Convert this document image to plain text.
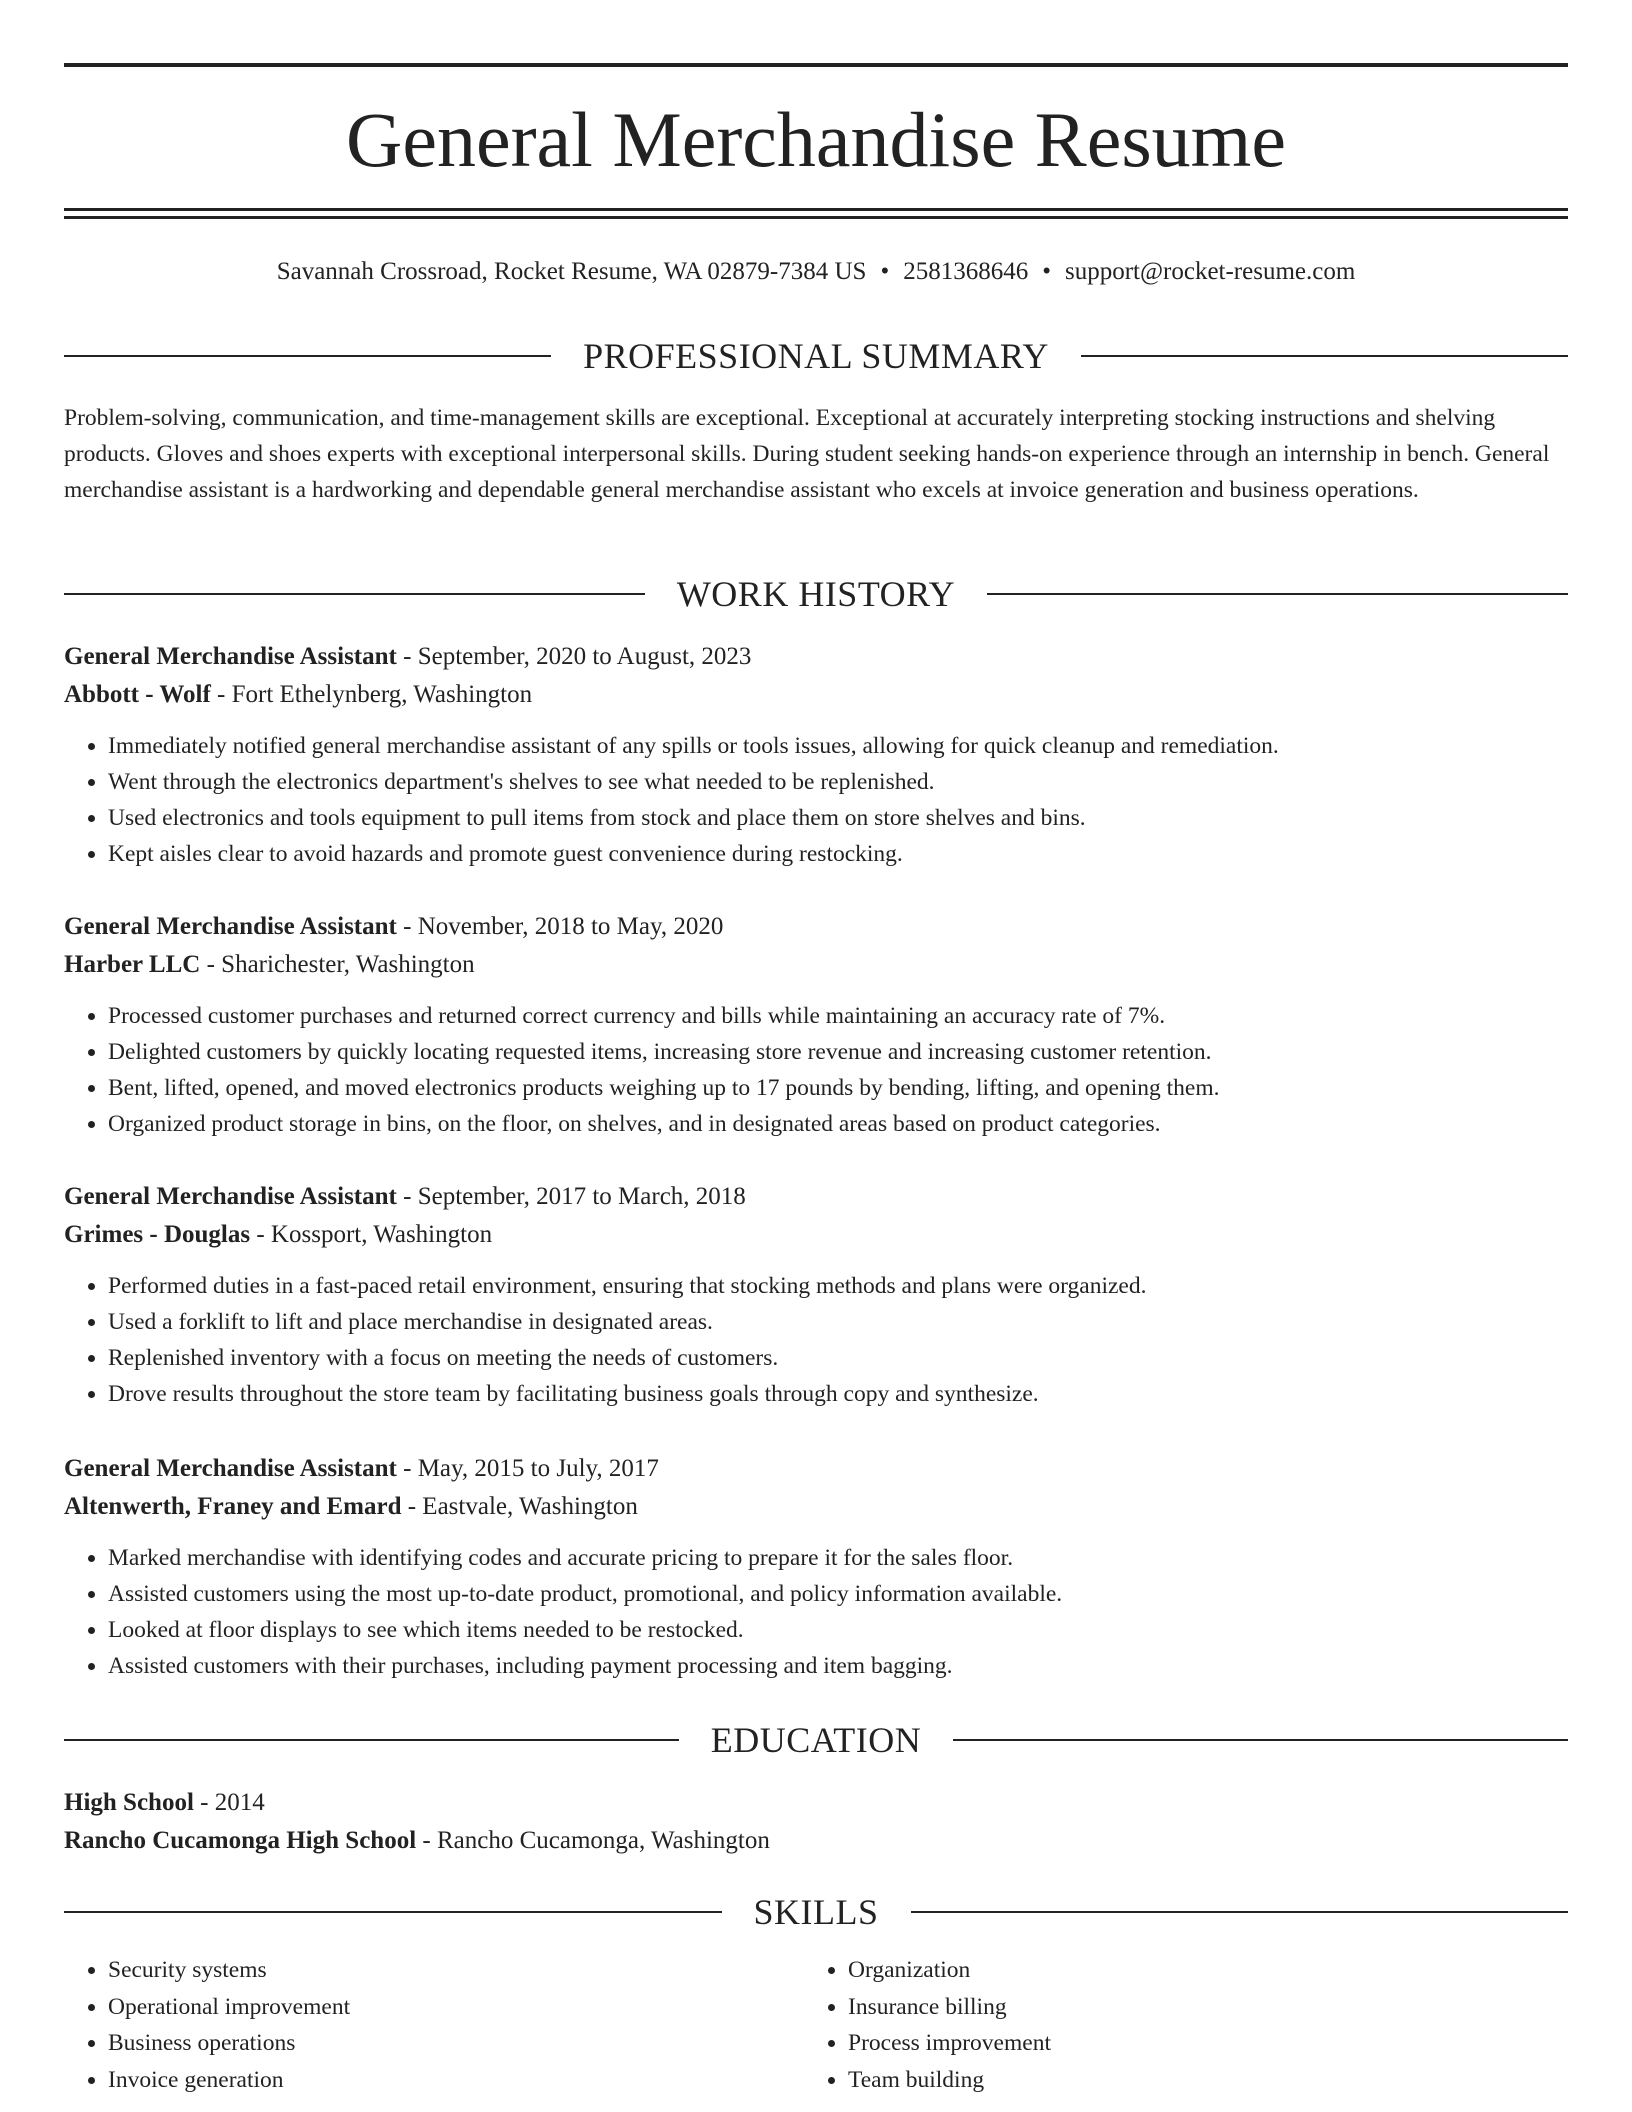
General Merchandise Resume
Savannah Crossroad, Rocket Resume, WA 02879-7384 US • 2581368646 • support@rocket-resume.com
PROFESSIONAL SUMMARY
Problem-solving, communication, and time-management skills are exceptional. Exceptional at accurately interpreting stocking instructions and shelving products. Gloves and shoes experts with exceptional interpersonal skills. During student seeking hands-on experience through an internship in bench. General merchandise assistant is a hardworking and dependable general merchandise assistant who excels at invoice generation and business operations.
WORK HISTORY
General Merchandise Assistant - September, 2020 to August, 2023
Abbott - Wolf - Fort Ethelynberg, Washington
• Immediately notified general merchandise assistant of any spills or tools issues, allowing for quick cleanup and remediation.
• Went through the electronics department's shelves to see what needed to be replenished.
• Used electronics and tools equipment to pull items from stock and place them on store shelves and bins.
• Kept aisles clear to avoid hazards and promote guest convenience during restocking.
General Merchandise Assistant - November, 2018 to May, 2020
Harber LLC - Sharichester, Washington
• Processed customer purchases and returned correct currency and bills while maintaining an accuracy rate of 7%.
• Delighted customers by quickly locating requested items, increasing store revenue and increasing customer retention.
• Bent, lifted, opened, and moved electronics products weighing up to 17 pounds by bending, lifting, and opening them.
• Organized product storage in bins, on the floor, on shelves, and in designated areas based on product categories.
General Merchandise Assistant - September, 2017 to March, 2018
Grimes - Douglas - Kossport, Washington
• Performed duties in a fast-paced retail environment, ensuring that stocking methods and plans were organized.
• Used a forklift to lift and place merchandise in designated areas.
• Replenished inventory with a focus on meeting the needs of customers.
• Drove results throughout the store team by facilitating business goals through copy and synthesize.
General Merchandise Assistant - May, 2015 to July, 2017
Altenwerth, Franey and Emard - Eastvale, Washington
• Marked merchandise with identifying codes and accurate pricing to prepare it for the sales floor.
• Assisted customers using the most up-to-date product, promotional, and policy information available.
• Looked at floor displays to see which items needed to be restocked.
• Assisted customers with their purchases, including payment processing and item bagging.
EDUCATION
High School - 2014
Rancho Cucamonga High School - Rancho Cucamonga, Washington
SKILLS
• Security systems
• Operational improvement
• Business operations
• Invoice generation
• Organization
• Insurance billing
• Process improvement
• Team building
